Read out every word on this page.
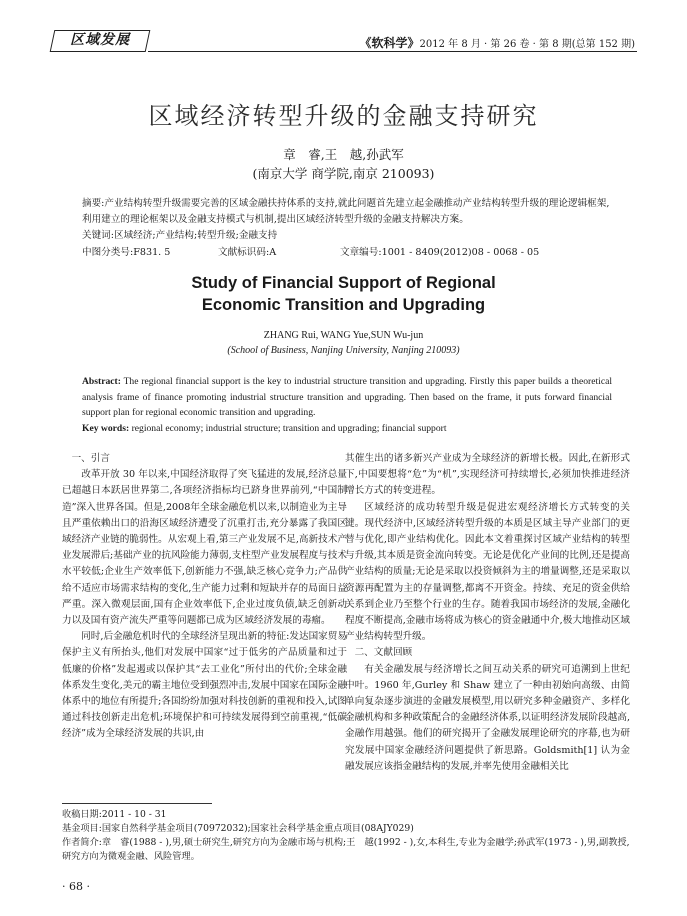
区域发展	《软科学》2012 年 8 月 · 第 26 卷 · 第 8 期(总第 152 期)
区域经济转型升级的金融支持研究
章　睿,王　越,孙武军
(南京大学 商学院,南京 210093)

摘要:产业结构转型升级需要完善的区域金融扶持体系的支持,就此问题首先建立起金融推动产业结构转型升级的理论逻辑框架,利用建立的理论框架以及金融支持模式与机制,提出区域经济转型升级的金融支持解决方案。

关键词:区域经济;产业结构;转型升级;金融支持

中图分类号:F831. 5	文献标识码:A	文章编号:1001 - 8409(2012)08 - 0068 - 05
Study of Financial Support of Regional
Economic Transition and Upgrading
ZHANG Rui, WANG Yue,SUN Wu-jun
(School of Business, Nanjing University, Nanjing 210093)

Abstract: The regional financial support is the key to industrial structure transition and upgrading. Firstly this paper builds a theoretical analysis frame of finance promoting industrial structure transition and upgrading. Then based on the frame, it puts forward financial support plan for regional economic transition and upgrading.

Key words: regional economy; industrial structure; transition and upgrading; financial support

一、引言

改革开放 30 年以来,中国经济取得了突飞猛进的发展,经济总量已超越日本跃居世界第二,各项经济指标均已跻身世界前列,“中国制造”深入世界各国。但是,2008年全球金融危机以来,以制造业为主导且严重依赖出口的沿海区域经济遭受了沉重打击,充分暴露了我国区域经济产业链的脆弱性。从宏观上看,第三产业发展不足,高新技术产业发展滞后;基础产业的抗风险能力薄弱,支柱型产业发展程度与技术水平较低;企业生产效率低下,创新能力不强,缺乏核心竞争力;产品供给不适应市场需求结构的变化,生产能力过剩和短缺并存的局面日益严重。深入微观层面,国有企业效率低下,企业过度负债,缺乏创新动力以及国有资产流失严重等问题都已成为区域经济发展的毒瘤。

同时,后金融危机时代的全球经济呈现出新的特征:发达国家贸易保护主义有所抬头,他们对发展中国家“过于低劣的产品质量和过于低廉的价格”发起遏或以保护其“去工业化”所付出的代价;全球金融体系发生变化,美元的霸主地位受到强烈冲击,发展中国家在国际金融体系中的地位有所提升;各国纷纷加强对科技创新的重视和投入,试图通过科技创新走出危机;环境保护和可持续发展得到空前重视,“低碳经济”成为全球经济发展的共识,由

其催生出的诸多新兴产业成为全球经济的新增长极。因此,在新形式下,中国要想将“危”为“机”,实现经济可持续增长,必须加快推进经济增长方式的转变进程。

区域经济的成功转型升级是促进宏观经济增长方式转变的关键。现代经济中,区域经济转型升级的本质是区域主导产业部门的更替与优化,即产业结构优化。因此本文着重探讨区域产业结构的转型与升级,其本质是资金流向转变。无论是优化产业间的比例,还是提高产业结构的质量;无论是采取以投资倾斜为主的增量调整,还是采取以资源再配置为主的存量调整,都离不开资金。持续、充足的资金供给关系到企业乃至整个行业的生存。随着我国市场经济的发展,金融化程度不断提高,金融市场将成为核心的资金融通中介,极大地推动区域产业结构转型升级。

二、文献回顾

有关金融发展与经济增长之间互动关系的研究可追溯到上世纪中叶。1960 年,Gurley 和 Shaw 建立了一种由初始向高级、由简单向复杂逐步演进的金融发展模型,用以研究多种金融资产、多样化金融机构和多种政策配合的金融经济体系,以证明经济发展阶段越高,金融作用越强。他们的研究揭开了金融发展理论研究的序幕,也为研究发展中国家金融经济问题提供了新思路。Goldsmith[1] 认为金融发展应该指金融结构的发展,并率先使用金融相关比

收稿日期:2011 - 10 - 31

基金项目:国家自然科学基金项目(70972032);国家社会科学基金重点项目(08AJY029)

作者简介:章　睿(1988 - ),男,硕士研究生,研究方向为金融市场与机构;王　越(1992 - ),女,本科生,专业为金融学;孙武军(1973 - ),男,副教授,研究方向为微观金融、风险管理。

· 68 ·
